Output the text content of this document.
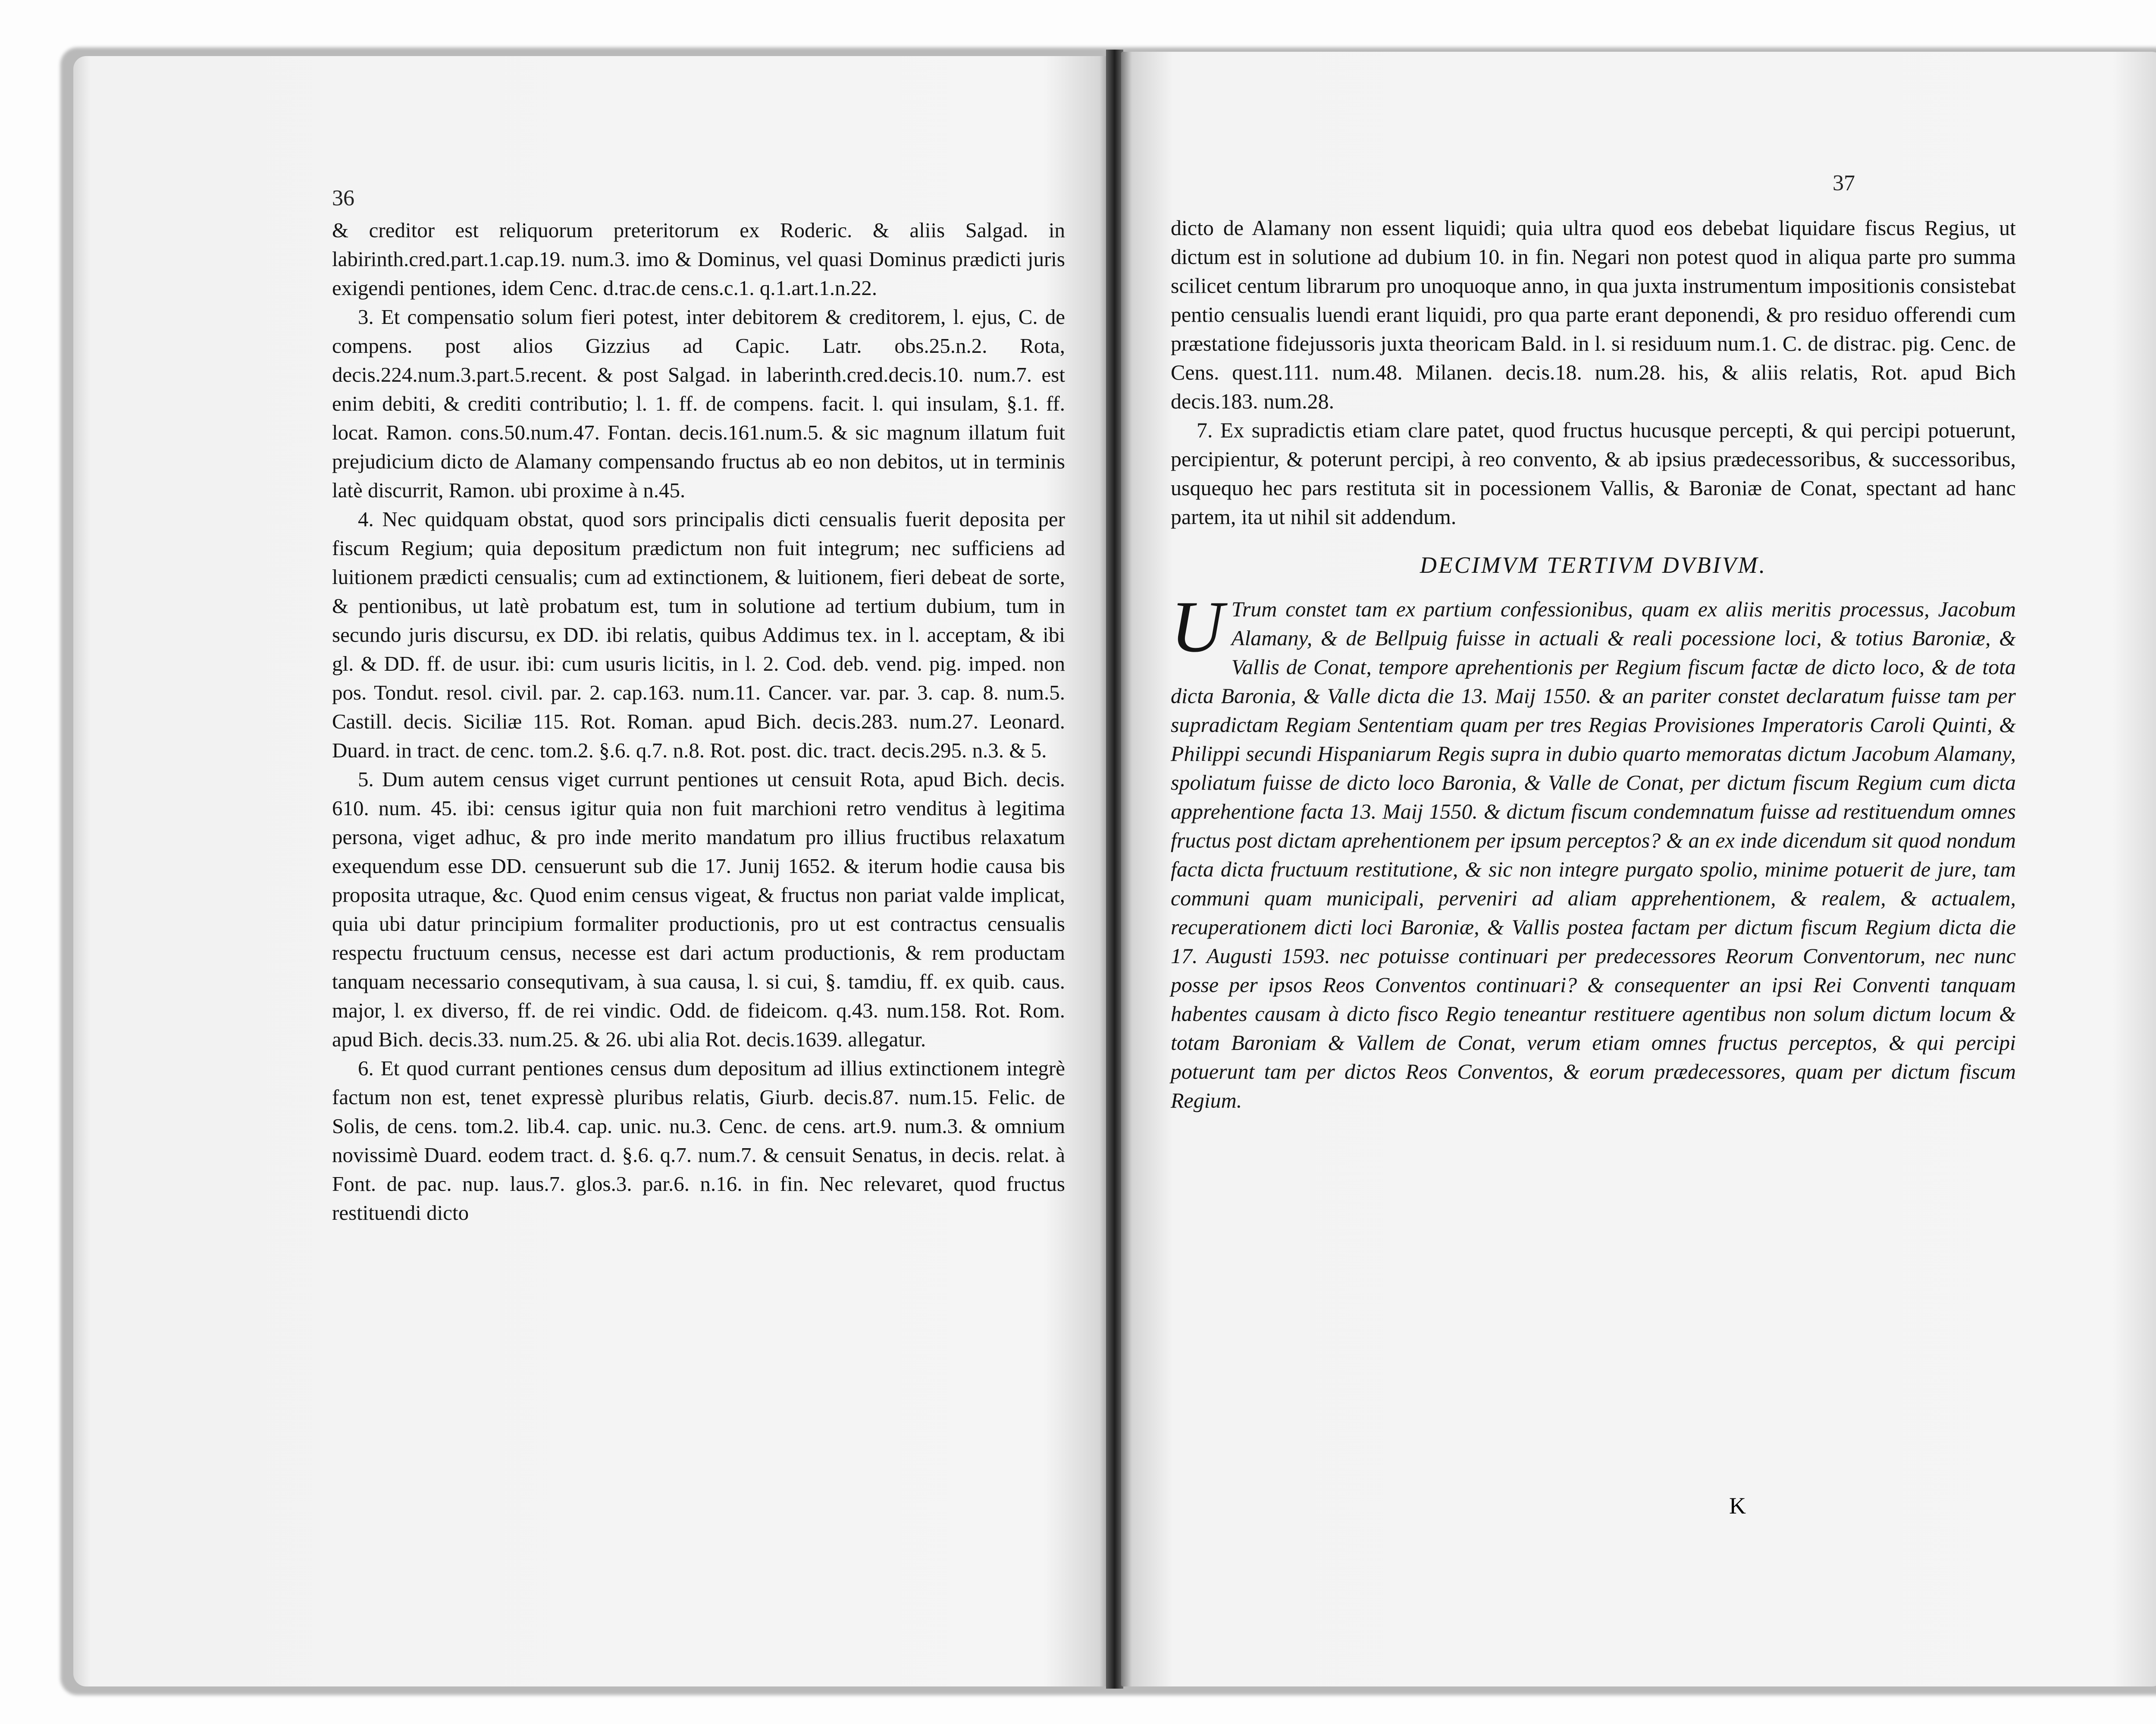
& creditor est reliquorum preteritorum ex Roderic. & aliis Salgad. in labirinth.cred.part.1.cap.19. num.3. imo & Dominus, vel quasi Dominus prædicti juris exigendi pentiones, idem Cenc. d.trac.de cens.c.1. q.1.art.1.n.22.

3. Et compensatio solum fieri potest, inter debitorem & creditorem, l. ejus, C. de compens. post alios Gizzius ad Capic. Latr. obs.25.n.2. Rota, decis.224.num.3.part.5.recent. & post Salgad. in laberinth.cred.decis.10. num.7. est enim debiti, & crediti contributio; l. 1. ff. de compens. facit. l. qui insulam, §.1. ff. locat. Ramon. cons.50.num.47. Fontan. decis.161.num.5. & sic magnum illatum fuit prejudicium dicto de Alamany compensando fructus ab eo non debitos, ut in terminis latè discurrit, Ramon. ubi proxime à n.45.

4. Nec quidquam obstat, quod sors principalis dicti censualis fuerit deposita per fiscum Regium; quia depositum prædictum non fuit integrum; nec sufficiens ad luitionem prædicti censualis; cum ad extinctionem, & luitionem, fieri debeat de sorte, & pentionibus, ut latè probatum est, tum in solutione ad tertium dubium, tum in secundo juris discursu, ex DD. ibi relatis, quibus Addimus tex. in l. acceptam, & ibi gl. & DD. ff. de usur. ibi: cum usuris licitis, in l. 2. Cod. deb. vend. pig. imped. non pos. Tondut. resol. civil. par. 2. cap.163. num.11. Cancer. var. par. 3. cap. 8. num.5. Castill. decis. Siciliæ 115. Rot. Roman. apud Bich. decis.283. num.27. Leonard. Duard. in tract. de cenc. tom.2. §.6. q.7. n.8. Rot. post. dic. tract. decis.295. n.3. & 5.

5. Dum autem census viget currunt pentiones ut censuit Rota, apud Bich. decis. 610. num. 45. ibi: census igitur quia non fuit marchioni retro venditus à legitima persona, viget adhuc, & pro inde merito mandatum pro illius fructibus relaxatum exequendum esse DD. censuerunt sub die 17. Junij 1652. & iterum hodie causa bis proposita utraque, &c. Quod enim census vigeat, & fructus non pariat valde implicat, quia ubi datur principium formaliter productionis, pro ut est contractus censualis respectu fructuum census, necesse est dari actum productionis, & rem productam tanquam necessario consequtivam, à sua causa, l. si cui, §. tamdiu, ff. ex quib. caus. major, l. ex diverso, ff. de rei vindic. Odd. de fideicom. q.43. num.158. Rot. Rom. apud Bich. decis.33. num.25. & 26. ubi alia Rot. decis.1639. allegatur.

6. Et quod currant pentiones census dum depositum ad illius extinctionem integrè factum non est, tenet expressè pluribus relatis, Giurb. decis.87. num.15. Felic. de Solis, de cens. tom.2. lib.4. cap. unic. nu.3. Cenc. de cens. art.9. num.3. & omnium novissimè Duard. eodem tract. d. §.6. q.7. num.7. & censuit Senatus, in decis. relat. à Font. de pac. nup. laus.7. glos.3. par.6. n.16. in fin. Nec relevaret, quod fructus restituendi dicto

36
37

dicto de Alamany non essent liquidi; quia ultra quod eos debebat liquidare fiscus Regius, ut dictum est in solutione ad dubium 10. in fin. Negari non potest quod in aliqua parte pro summa scilicet centum librarum pro unoquoque anno, in qua juxta instrumentum impositionis consistebat pentio censualis luendi erant liquidi, pro qua parte erant deponendi, & pro residuo offerendi cum præstatione fidejussoris juxta theoricam Bald. in l. si residuum num.1. C. de distrac. pig. Cenc. de Cens. quest.111. num.48. Milanen. decis.18. num.28. his, & aliis relatis, Rot. apud Bich decis.183. num.28.

7. Ex supradictis etiam clare patet, quod fructus hucusque percepti, & qui percipi potuerunt, percipientur, & poterunt percipi, à reo convento, & ab ipsius prædecessoribus, & successoribus, usquequo hec pars restituta sit in pocessionem Vallis, & Baroniæ de Conat, spectant ad hanc partem, ita ut nihil sit addendum.

DECIMVM TERTIVM DVBIVM.
U Trum constet tam ex partium confessionibus, quam ex aliis meritis processus, Jacobum Alamany, & de Bellpuig fuisse in actuali & reali pocessione loci, & totius Baroniæ, & Vallis de Conat, tempore aprehentionis per Regium fiscum factæ de dicto loco, & de tota dicta Baronia, & Valle dicta die 13. Maij 1550. & an pariter constet declaratum fuisse tam per supradictam Regiam Sententiam quam per tres Regias Provisiones Imperatoris Caroli Quinti, & Philippi secundi Hispaniarum Regis supra in dubio quarto memoratas dictum Jacobum Alamany, spoliatum fuisse de dicto loco Baronia, & Valle de Conat, per dictum fiscum Regium cum dicta apprehentione facta 13. Maij 1550. & dictum fiscum condemnatum fuisse ad restituendum omnes fructus post dictam aprehentionem per ipsum perceptos? & an ex inde dicendum sit quod nondum facta dicta fructuum restitutione, & sic non integre purgato spolio, minime potuerit de jure, tam communi quam municipali, perveniri ad aliam apprehentionem, & realem, & actualem, recuperationem dicti loci Baroniæ, & Vallis postea factam per dictum fiscum Regium dicta die 17. Augusti 1593. nec potuisse continuari per predecessores Reorum Conventorum, nec nunc posse per ipsos Reos Conventos continuari? & consequenter an ipsi Rei Conventi tanquam habentes causam à dicto fisco Regio teneantur restituere agentibus non solum dictum locum & totam Baroniam & Vallem de Conat, verum etiam omnes fructus perceptos, & qui percipi potuerunt tam per dictos Reos Conventos, & eorum prædecessores, quam per dictum fiscum Regium.
K
